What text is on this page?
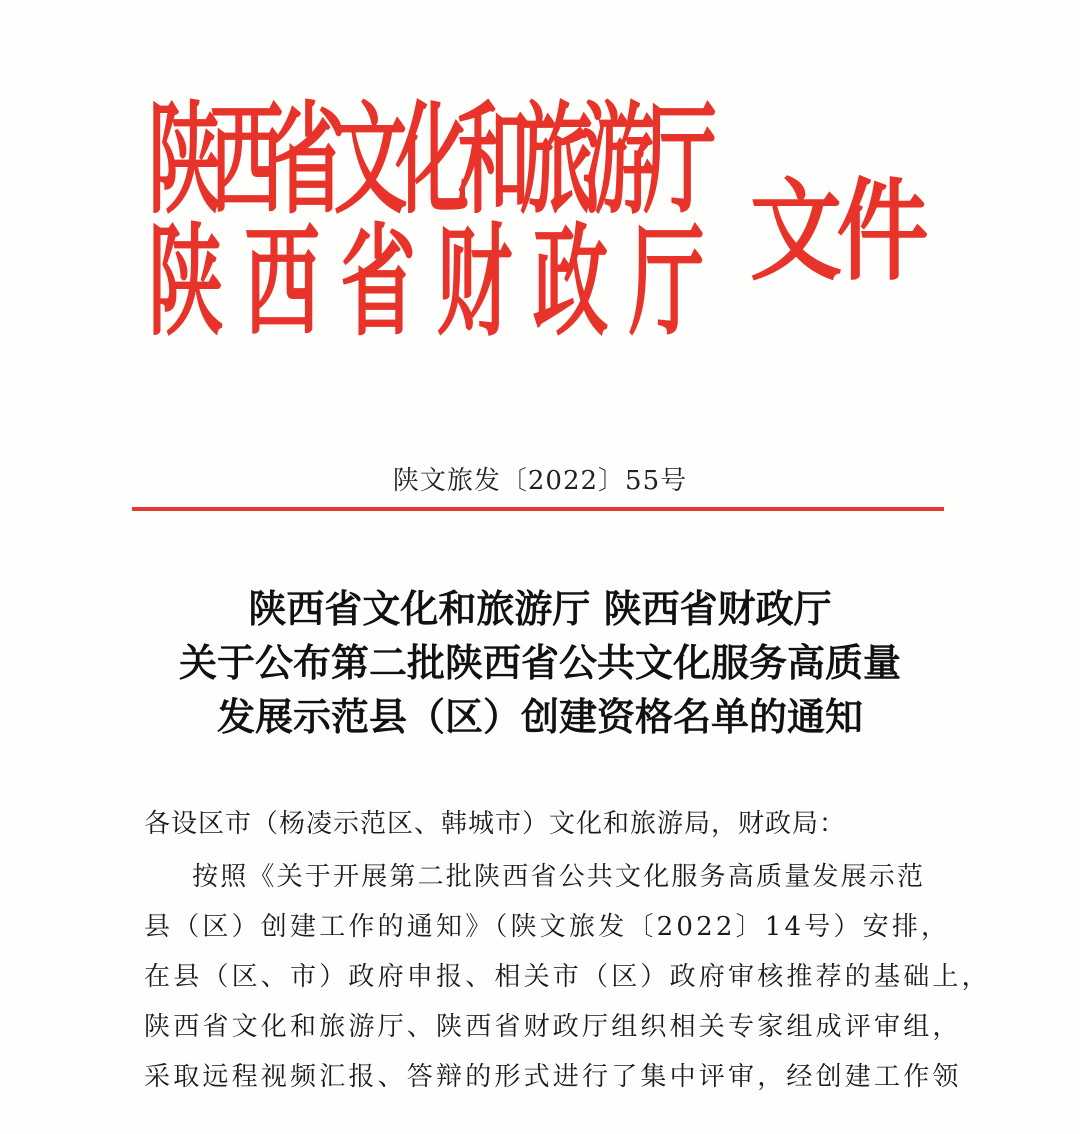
陕西省文化和旅游厅
陕西省财政厅 文件
陕文旅发〔2022〕55号
陕西省文化和旅游厅 陕西省财政厅
关于公布第二批陕西省公共文化服务高质量
发展示范县（区）创建资格名单的通知
各设区市（杨凌示范区、韩城市）文化和旅游局，财政局：
按照《关于开展第二批陕西省公共文化服务高质量发展示范
县（区）创建工作的通知》（陕文旅发〔2022〕14号）安排，
在县（区、市）政府申报、相关市（区）政府审核推荐的基础上，
陕西省文化和旅游厅、陕西省财政厅组织相关专家组成评审组，
采取远程视频汇报、答辩的形式进行了集中评审，经创建工作领
